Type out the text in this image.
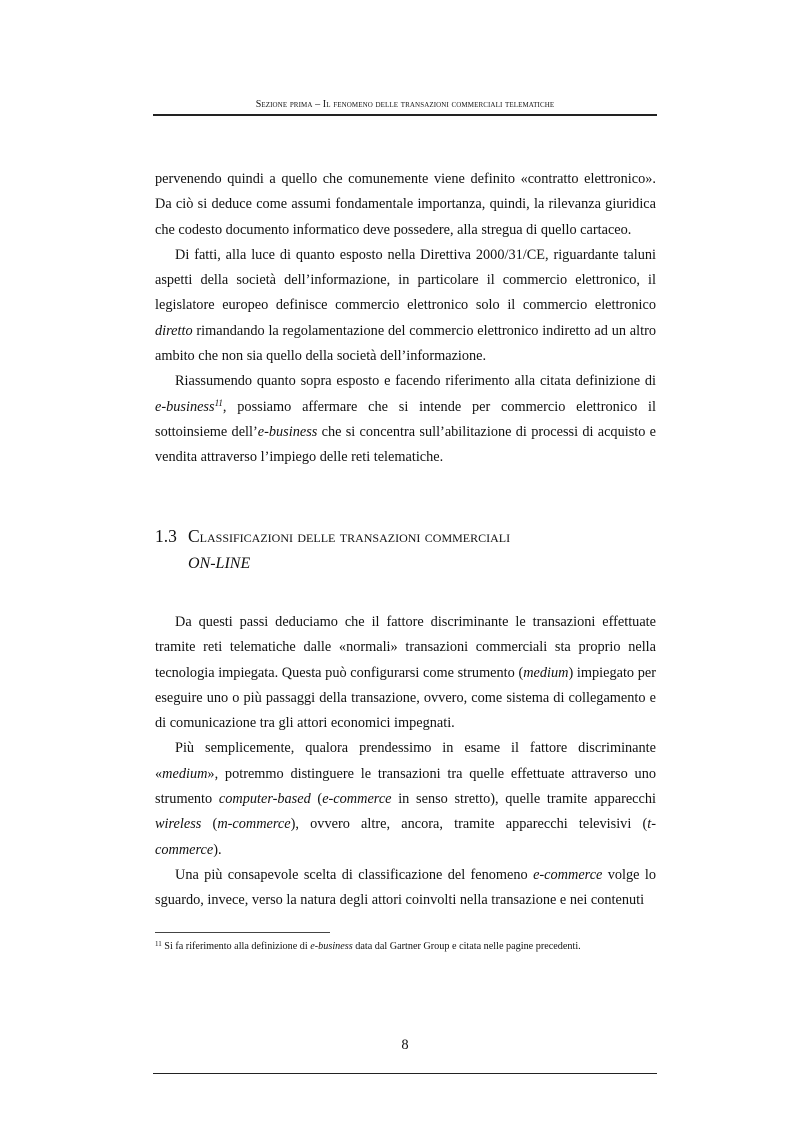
Sezione prima – Il fenomeno delle transazioni commerciali telematiche

pervenendo quindi a quello che comunemente viene definito «contratto elettronico». Da ciò si deduce come assumi fondamentale importanza, quindi, la rilevanza giuridica che codesto documento informatico deve possedere, alla stregua di quello cartaceo.

Di fatti, alla luce di quanto esposto nella Direttiva 2000/31/CE, riguardante taluni aspetti della società dell’informazione, in particolare il commercio elettronico, il legislatore europeo definisce commercio elettronico solo il commercio elettronico diretto rimandando la regolamentazione del commercio elettronico indiretto ad un altro ambito che non sia quello della società dell’informazione.

Riassumendo quanto sopra esposto e facendo riferimento alla citata definizione di e-business$^{11}$, possiamo affermare che si intende per commercio elettronico il sottoinsieme dell’e-business che si concentra sull’abilitazione di processi di acquisto e vendita attraverso l’impiego delle reti telematiche.

1.3 Classificazioni delle transazioni commerciali
ON-LINE

Da questi passi deduciamo che il fattore discriminante le transazioni effettuate tramite reti telematiche dalle «normali» transazioni commerciali sta proprio nella tecnologia impiegata. Questa può configurarsi come strumento (medium) impiegato per eseguire uno o più passaggi della transazione, ovvero, come sistema di collegamento e di comunicazione tra gli attori economici impegnati.

Più semplicemente, qualora prendessimo in esame il fattore discriminante «medium», potremmo distinguere le transazioni tra quelle effettuate attraverso uno strumento computer-based (e-commerce in senso stretto), quelle tramite apparecchi wireless (m-commerce), ovvero altre, ancora, tramite apparecchi televisivi (t-commerce).

Una più consapevole scelta di classificazione del fenomeno e-commerce volge lo sguardo, invece, verso la natura degli attori coinvolti nella transazione e nei contenuti

$^{11}$ Si fa riferimento alla definizione di e-business data dal Gartner Group e citata nelle pagine precedenti.
8
